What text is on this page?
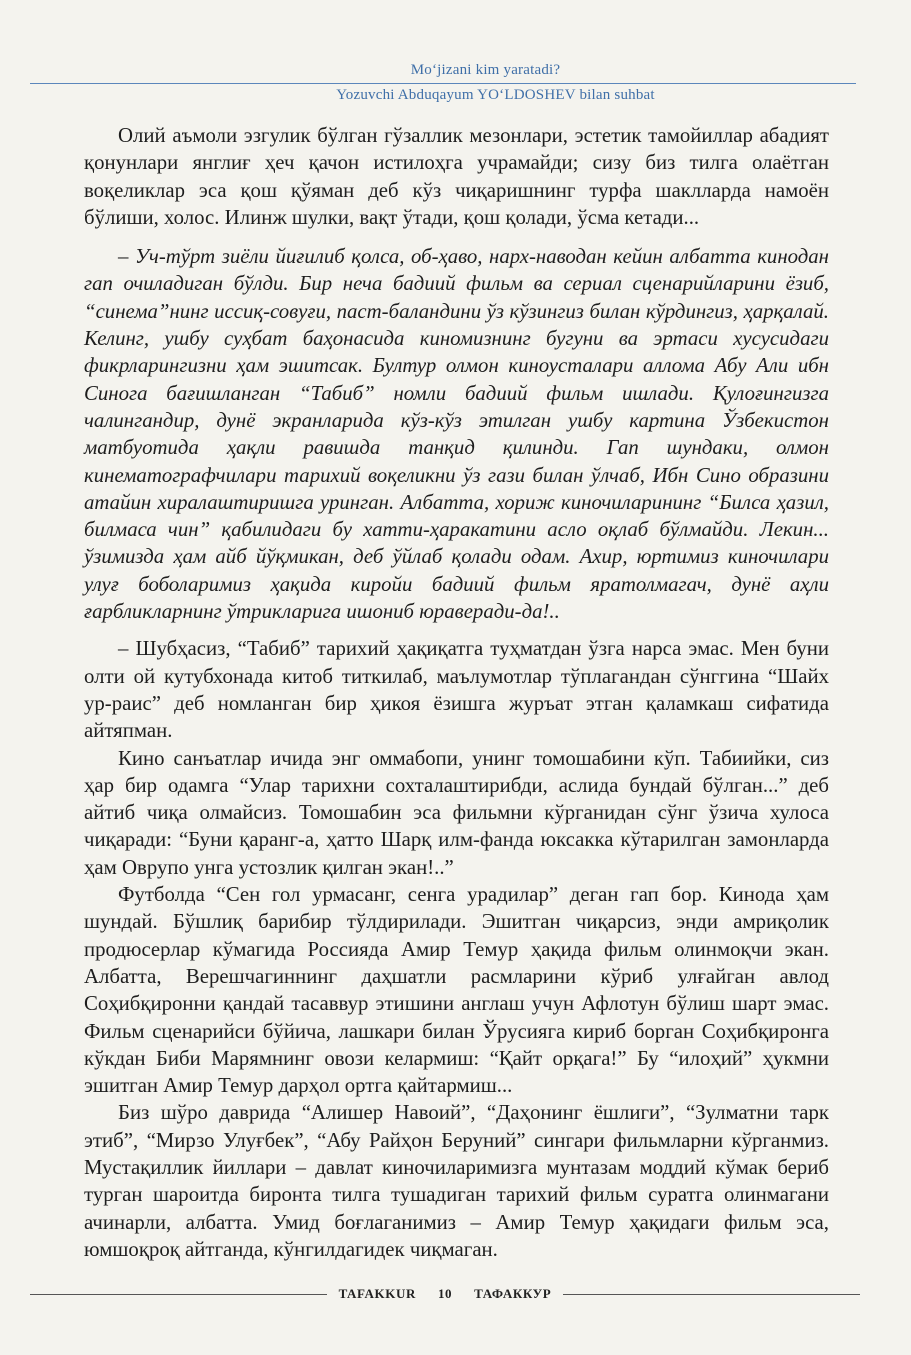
Mo‘jizani kim yaratadi?
Yozuvchi Abduqayum YO‘LDOSHEV bilan suhbat

Олий аъмоли эзгулик бўлган гўзаллик мезонлари, эстетик тамойиллар абадият қонунлари янглиғ ҳеч қачон истилоҳга учрамайди; сизу биз тилга олаётган воқеликлар эса қош қўяман деб кўз чиқаришнинг турфа шаклларда намоён бўлиши, холос. Илинж шулки, вақт ўтади, қош қолади, ўсма кетади...

– Уч-тўрт зиёли йиғилиб қолса, об-ҳаво, нарх-наводан кейин албатта кинодан гап очиладиган бўлди. Бир неча бадиий фильм ва сериал сценарийларини ёзиб, “синема”нинг иссиқ-совуғи, паст-баландини ўз кўзингиз билан кўрдингиз, ҳарқалай. Келинг, ушбу суҳбат баҳонасида киномизнинг бугуни ва эртаси хусусидаги фикрларингизни ҳам эшитсак. Бултур олмон киноусталари аллома Абу Али ибн Синога бағишланган “Табиб” номли бадиий фильм ишлади. Қулоғингизга чалингандир, дунё экранларида кўз-кўз этилган ушбу картина Ўзбекистон матбуотида ҳақли равишда танқид қилинди. Гап шундаки, олмон кинематографчилари тарихий воқеликни ўз гази билан ўлчаб, Ибн Сино образини атайин хиралаштиришга уринган. Албатта, хориж киночиларининг “Билса ҳазил, билмаса чин” қабилидаги бу хатти-ҳаракатини асло оқлаб бўлмайди. Лекин... ўзимизда ҳам айб йўқмикан, деб ўйлаб қолади одам. Ахир, юртимиз киночилари улуғ боболаримиз ҳақида киройи бадиий фильм яратолмагач, дунё аҳли ғарбликларнинг ўтрикларига ишониб юраверади-да!..

– Шубҳасиз, “Табиб” тарихий ҳақиқатга туҳматдан ўзга нарса эмас. Мен буни олти ой кутубхонада китоб титкилаб, маълумотлар тўплагандан сўнггина “Шайх ур-раис” деб номланган бир ҳикоя ёзишга журъат этган қаламкаш сифатида айтяпман.

Кино санъатлар ичида энг оммабопи, унинг томошабини кўп. Табиийки, сиз ҳар бир одамга “Улар тарихни сохталаштирибди, аслида бундай бўлган...” деб айтиб чиқа олмайсиз. Томошабин эса фильмни кўрганидан сўнг ўзича хулоса чиқаради: “Буни қаранг-а, ҳатто Шарқ илм-фанда юксакка кўтарилган замонларда ҳам Оврупо унга устозлик қилган экан!..”

Футболда “Сен гол урмасанг, сенга урадилар” деган гап бор. Кинода ҳам шундай. Бўшлиқ барибир тўлдирилади. Эшитган чиқарсиз, энди амриқолик продюсерлар кўмагида Россияда Амир Темур ҳақида фильм олинмоқчи экан. Албатта, Верешчагиннинг даҳшатли расмларини кўриб улғайган авлод Соҳибқиронни қандай тасаввур этишини англаш учун Афлотун бўлиш шарт эмас. Фильм сценарийси бўйича, лашкари билан Ўрусияга кириб борган Соҳибқиронга кўкдан Биби Марямнинг овози келармиш: “Қайт орқага!” Бу “илоҳий” ҳукмни эшитган Амир Темур дарҳол ортга қайтармиш...

Биз шўро даврида “Алишер Навоий”, “Даҳонинг ёшлиги”, “Зулматни тарк этиб”, “Мирзо Улуғбек”, “Абу Райҳон Беруний” сингари фильмларни кўрганмиз. Мустақиллик йиллари – давлат киночиларимизга мунтазам моддий кўмак бериб турган шароитда биронта тилга тушадиган тарихий фильм суратга олинмагани ачинарли, албатта. Умид боғлаганимиз – Амир Темур ҳақидаги фильм эса, юмшоқроқ айтганда, кўнгилдагидек чиқмаган.

TAFAKKUR	10	ТАФАККУР
